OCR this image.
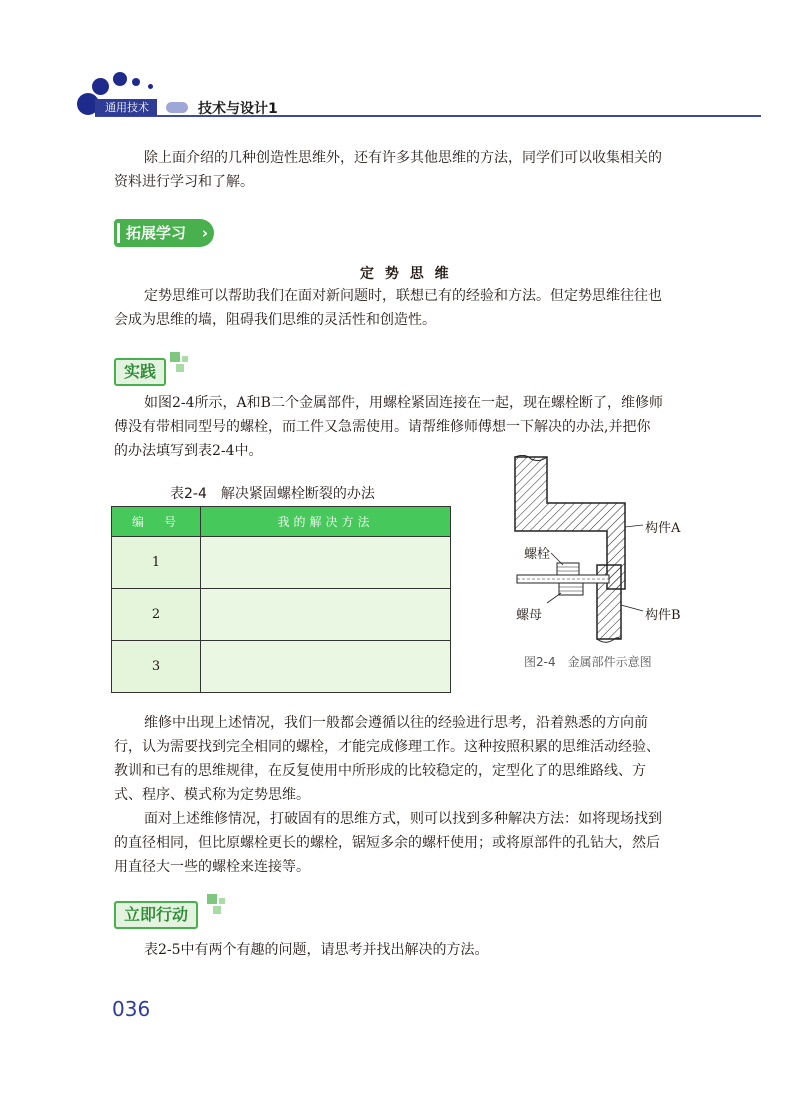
通用技术	技术与设计1
除上面介绍的几种创造性思维外，还有许多其他思维的方法，同学们可以收集相关的
资料进行学习和了解。
拓展学习 ›
定 势 思 维
定势思维可以帮助我们在面对新问题时，联想已有的经验和方法。但定势思维往往也
会成为思维的墙，阻碍我们思维的灵活性和创造性。
实践
如图2-4所示，A和B二个金属部件，用螺栓紧固连接在一起，现在螺栓断了，维修师
傅没有带相同型号的螺栓，而工件又急需使用。请帮维修师傅想一下解决的办法,并把你
的办法填写到表2-4中。
表2-4　解决紧固螺栓断裂的办法
编　号	我的解决方法
1	
2	
3	
螺栓
螺母
构件A
构件B
图2-4　金属部件示意图
维修中出现上述情况，我们一般都会遵循以往的经验进行思考，沿着熟悉的方向前
行，认为需要找到完全相同的螺栓，才能完成修理工作。这种按照积累的思维活动经验、
教训和已有的思维规律，在反复使用中所形成的比较稳定的，定型化了的思维路线、方
式、程序、模式称为定势思维。
面对上述维修情况，打破固有的思维方式，则可以找到多种解决方法：如将现场找到
的直径相同，但比原螺栓更长的螺栓，锯短多余的螺杆使用；或将原部件的孔钻大，然后
用直径大一些的螺栓来连接等。
立即行动
表2-5中有两个有趣的问题，请思考并找出解决的方法。
036
